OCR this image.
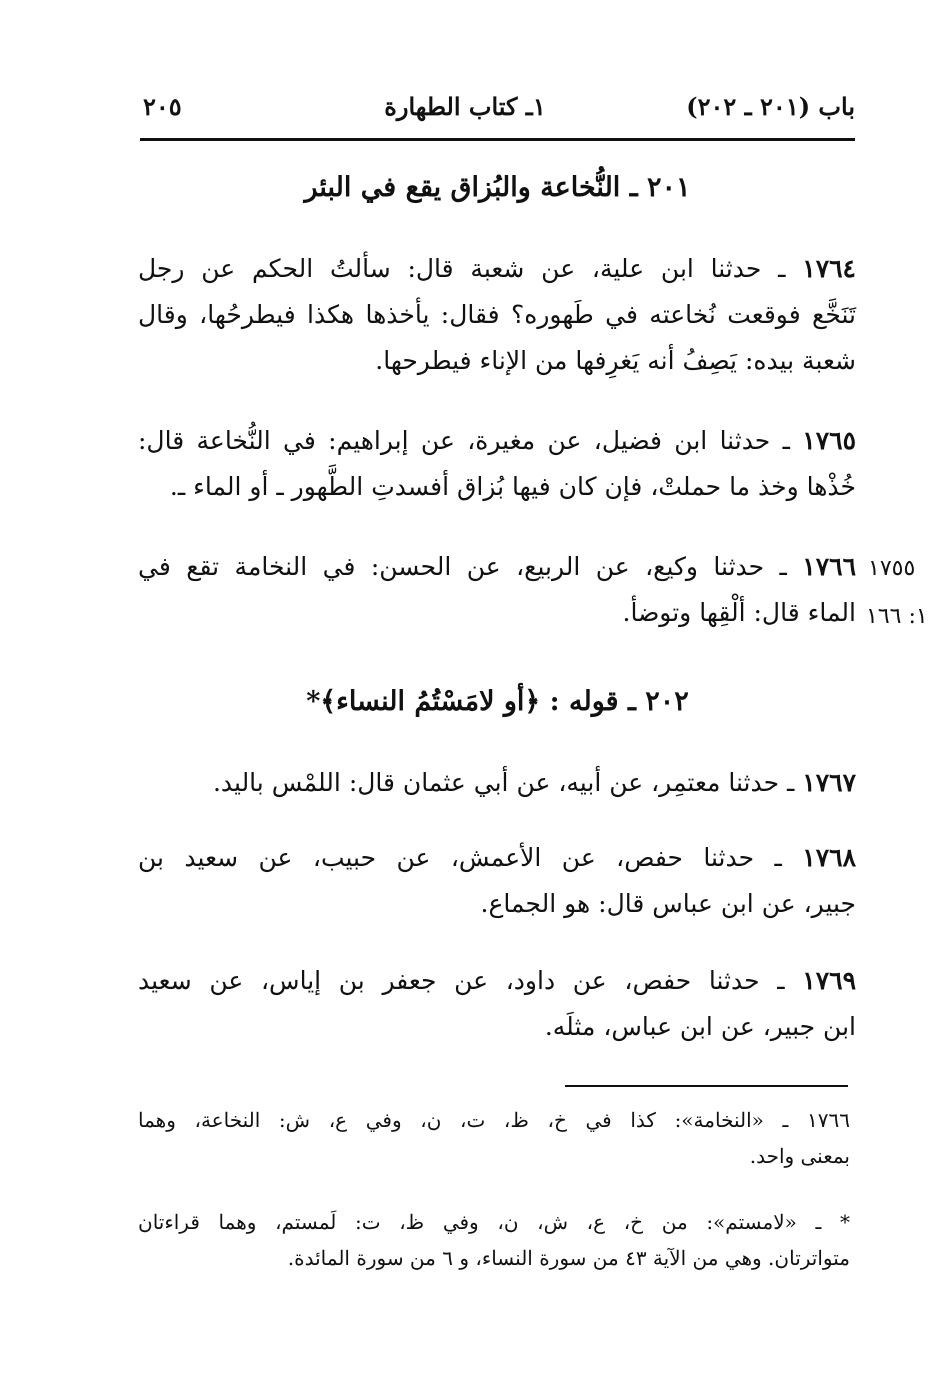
باب (٢٠١ ـ ٢٠٢)
١ـ كتاب الطهارة
٢٠٥
٢٠١ ـ النُّخاعة والبُزاق يقع في البئر
١٧٦٤ ـ حدثنا ابن علية، عن شعبة قال: سألتُ الحكم عن رجل
تَنَخَّع فوقعت نُخاعته في طَهوره؟ فقال: يأخذها هكذا فيطرحُها، وقال
شعبة بيده: يَصِفُ أنه يَغرِفها من الإناء فيطرحها.
١٧٦٥ ـ حدثنا ابن فضيل، عن مغيرة، عن إبراهيم: في النُّخاعة قال:
خُذْها وخذ ما حملتْ، فإن كان فيها بُزاق أفسدتِ الطَّهور ـ أو الماء ـ.
١٧٦٦ ـ حدثنا وكيع، عن الربيع، عن الحسن: في النخامة تقع في
الماء قال: ألْقِها وتوضأ.
١٧٥٥
١: ١٦٦
٢٠٢ ـ قوله : ﴿أو لامَسْتُمُ النساء﴾*
١٧٦٧ ـ حدثنا معتمِر، عن أبيه، عن أبي عثمان قال: اللمْس باليد.
١٧٦٨ ـ حدثنا حفص، عن الأعمش، عن حبيب، عن سعيد بن
جبير، عن ابن عباس قال: هو الجماع.
١٧٦٩ ـ حدثنا حفص، عن داود، عن جعفر بن إياس، عن سعيد
ابن جبير، عن ابن عباس، مثلَه.
١٧٦٦ ـ «النخامة»: كذا في خ، ظ، ت، ن، وفي ع، ش: النخاعة، وهما
بمعنى واحد.
* ـ «لامستم»: من خ، ع، ش، ن، وفي ظ، ت: لَمستم، وهما قراءتان
متواترتان. وهي من الآية ٤٣ من سورة النساء، و ٦ من سورة المائدة.
